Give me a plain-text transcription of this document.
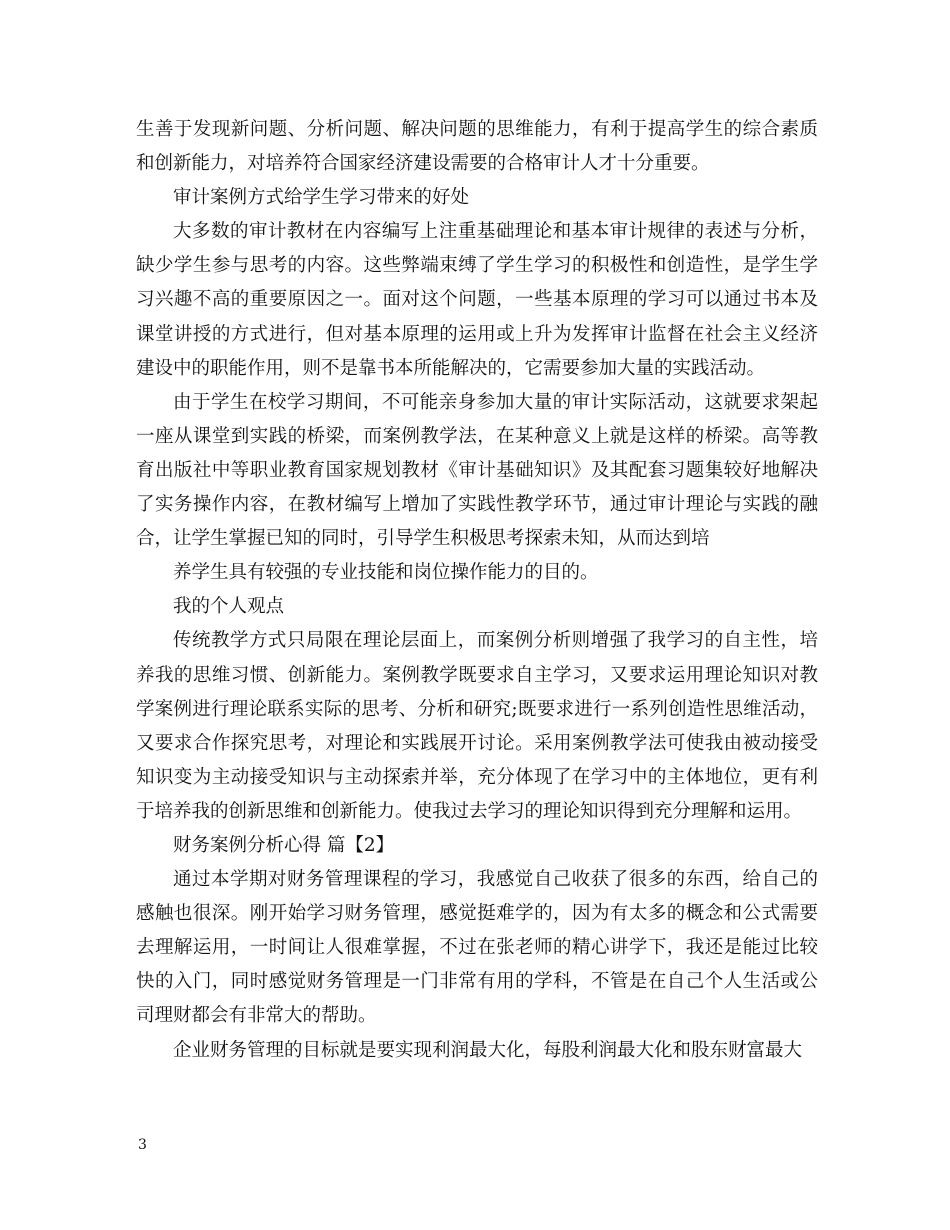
生善于发现新问题、分析问题、解决问题的思维能力，有利于提高学生的综合素质和创新能力，对培养符合国家经济建设需要的合格审计人才十分重要。

审计案例方式给学生学习带来的好处

大多数的审计教材在内容编写上注重基础理论和基本审计规律的表述与分析，缺少学生参与思考的内容。这些弊端束缚了学生学习的积极性和创造性，是学生学习兴趣不高的重要原因之一。面对这个问题，一些基本原理的学习可以通过书本及课堂讲授的方式进行，但对基本原理的运用或上升为发挥审计监督在社会主义经济建设中的职能作用，则不是靠书本所能解决的，它需要参加大量的实践活动。

由于学生在校学习期间，不可能亲身参加大量的审计实际活动，这就要求架起一座从课堂到实践的桥梁，而案例教学法，在某种意义上就是这样的桥梁。高等教育出版社中等职业教育国家规划教材《审计基础知识》及其配套习题集较好地解决了实务操作内容，在教材编写上增加了实践性教学环节，通过审计理论与实践的融合，让学生掌握已知的同时，引导学生积极思考探索未知，从而达到培

养学生具有较强的专业技能和岗位操作能力的目的。

我的个人观点

传统教学方式只局限在理论层面上，而案例分析则增强了我学习的自主性，培养我的思维习惯、创新能力。案例教学既要求自主学习，又要求运用理论知识对教学案例进行理论联系实际的思考、分析和研究;既要求进行一系列创造性思维活动，又要求合作探究思考，对理论和实践展开讨论。采用案例教学法可使我由被动接受知识变为主动接受知识与主动探索并举，充分体现了在学习中的主体地位，更有利于培养我的创新思维和创新能力。使我过去学习的理论知识得到充分理解和运用。

财务案例分析心得 篇【2】

通过本学期对财务管理课程的学习，我感觉自己收获了很多的东西，给自己的感触也很深。刚开始学习财务管理，感觉挺难学的，因为有太多的概念和公式需要去理解运用，一时间让人很难掌握，不过在张老师的精心讲学下，我还是能过比较快的入门，同时感觉财务管理是一门非常有用的学科，不管是在自己个人生活或公司理财都会有非常大的帮助。

企业财务管理的目标就是要实现利润最大化，每股利润最大化和股东财富最大

3
